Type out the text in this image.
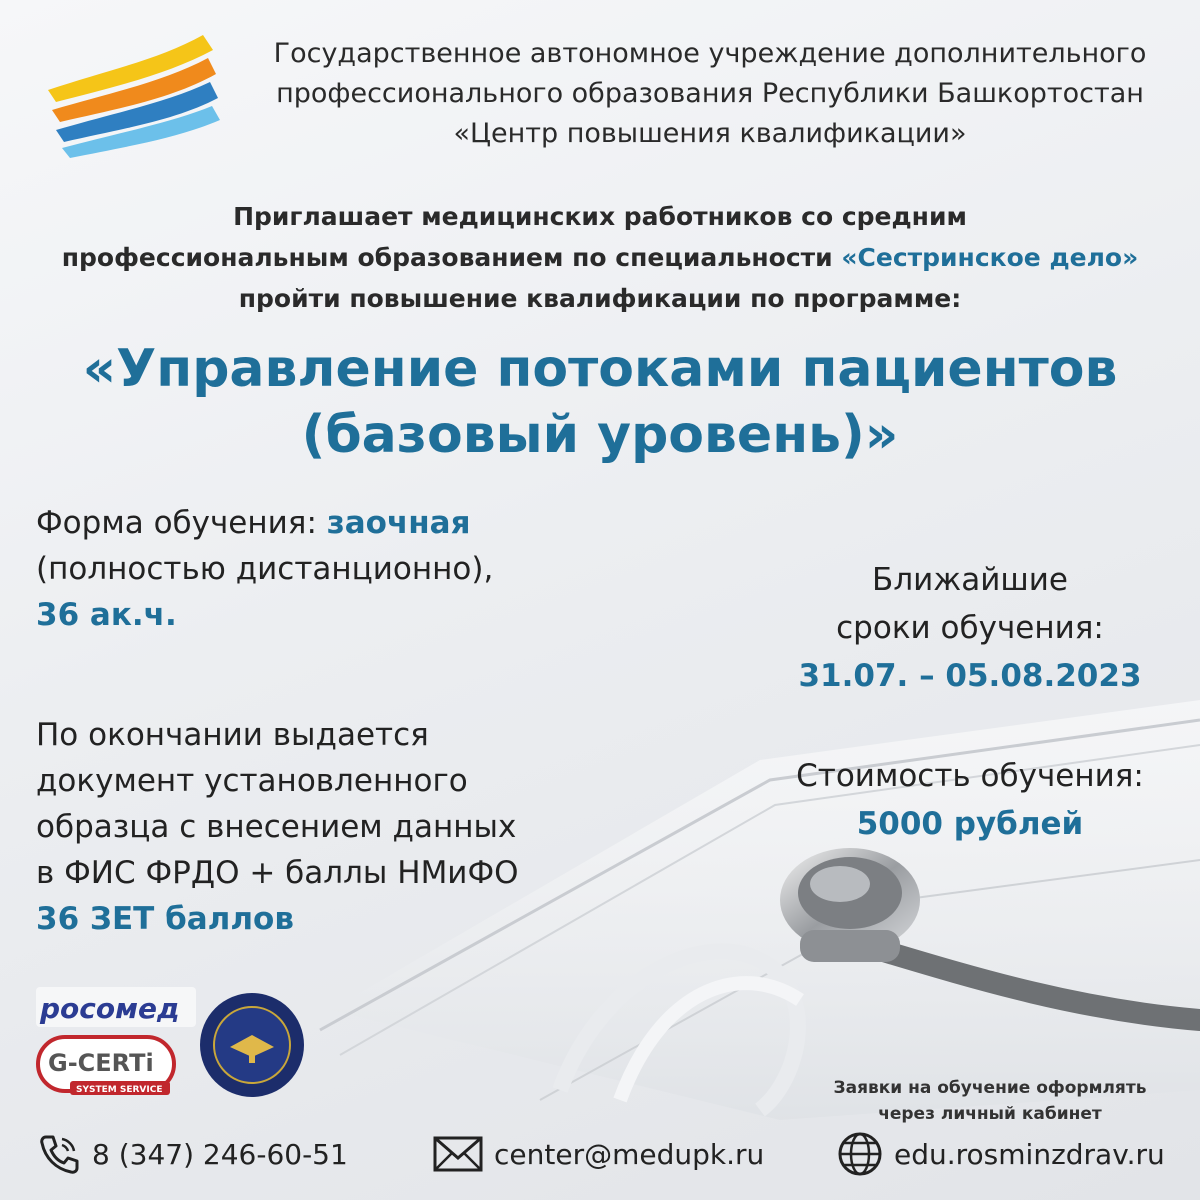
Государственное автономное учреждение дополнительного
профессионального образования Республики Башкортостан
«Центр повышения квалификации»
Приглашает медицинских работников со средним
профессиональным образованием по специальности «Сестринское дело»
пройти повышение квалификации по программе:
«Управление потоками пациентов
(базовый уровень)»
Форма обучения: заочная
(полностью дистанционно),
36 ак.ч.
По окончании выдается
документ установленного
образца с внесением данных
в ФИС ФРДО + баллы НМиФО
36 ЗЕТ баллов
Ближайшие
сроки обучения:
31.07. – 05.08.2023
Стоимость обучения:
5000 рублей
росомед
G-CERTi
SYSTEM SERVICE	Заявки на обучение оформлять
через личный кабинет
8 (347) 246-60-51	center@medupk.ru	edu.rosminzdrav.ru
